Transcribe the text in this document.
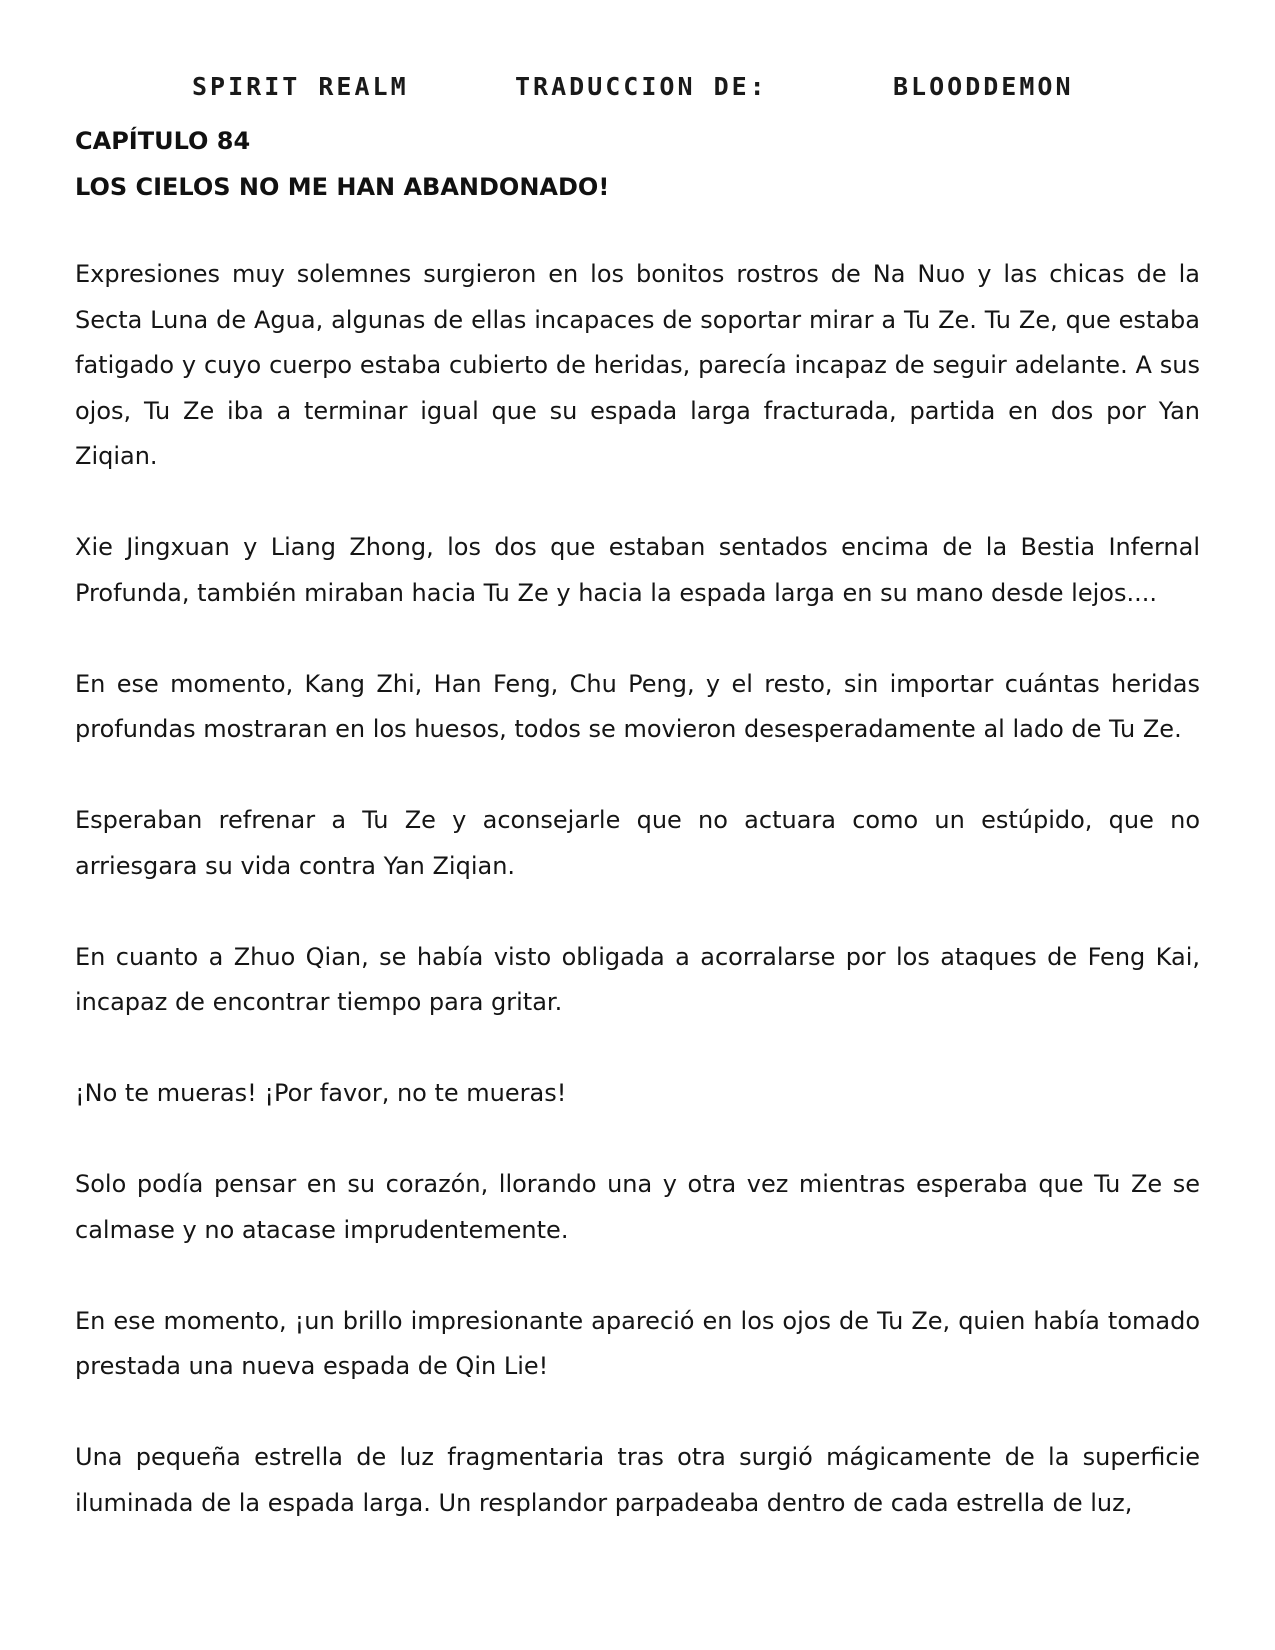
SPIRIT REALM	TRADUCCION DE:	BLOODDEMON
CAPÍTULO 84
LOS CIELOS NO ME HAN ABANDONADO!

Expresiones muy solemnes surgieron en los bonitos rostros de Na Nuo y las chicas de la Secta Luna de Agua, algunas de ellas incapaces de soportar mirar a Tu Ze. Tu Ze, que estaba fatigado y cuyo cuerpo estaba cubierto de heridas, parecía incapaz de seguir adelante. A sus ojos, Tu Ze iba a terminar igual que su espada larga fracturada, partida en dos por Yan Ziqian.

Xie Jingxuan y Liang Zhong, los dos que estaban sentados encima de la Bestia Infernal Profunda, también miraban hacia Tu Ze y hacia la espada larga en su mano desde lejos....

En ese momento, Kang Zhi, Han Feng, Chu Peng, y el resto, sin importar cuántas heridas profundas mostraran en los huesos, todos se movieron desesperadamente al lado de Tu Ze.

Esperaban refrenar a Tu Ze y aconsejarle que no actuara como un estúpido, que no arriesgara su vida contra Yan Ziqian.

En cuanto a Zhuo Qian, se había visto obligada a acorralarse por los ataques de Feng Kai, incapaz de encontrar tiempo para gritar.

¡No te mueras! ¡Por favor, no te mueras!

Solo podía pensar en su corazón, llorando una y otra vez mientras esperaba que Tu Ze se calmase y no atacase imprudentemente.

En ese momento, ¡un brillo impresionante apareció en los ojos de Tu Ze, quien había tomado prestada una nueva espada de Qin Lie!

Una pequeña estrella de luz fragmentaria tras otra surgió mágicamente de la superficie iluminada de la espada larga. Un resplandor parpadeaba dentro de cada estrella de luz,
